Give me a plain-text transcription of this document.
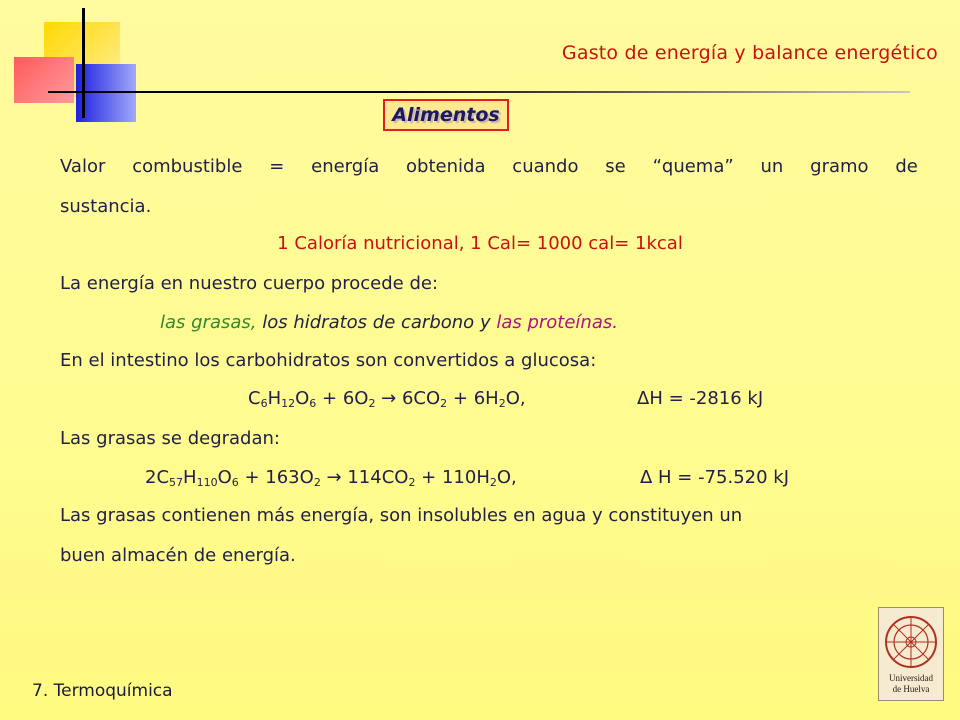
Gasto de energía y balance energético
Alimentos
Valor combustible = energía obtenida cuando se “quema” un gramo de
sustancia.
1 Caloría nutricional, 1 Cal= 1000 cal= 1kcal
La energía en nuestro cuerpo procede de:
las grasas, los hidratos de carbono y las proteínas.
En el intestino los carbohidratos son convertidos a glucosa:
$C_6H_{12}O_6 + 6O_2 \to 6CO_2 + 6H_2O$,	ΔH = -2816 kJ
Las grasas se degradan:
$2C_{57}H_{110}O_6 + 163O_2 \to 114CO_2 + 110H_2O$,	Δ H = -75.520 kJ
Las grasas contienen más energía, son insolubles en agua y constituyen un
buen almacén de energía.
7. Termoquímica
Universidad
de Huelva
